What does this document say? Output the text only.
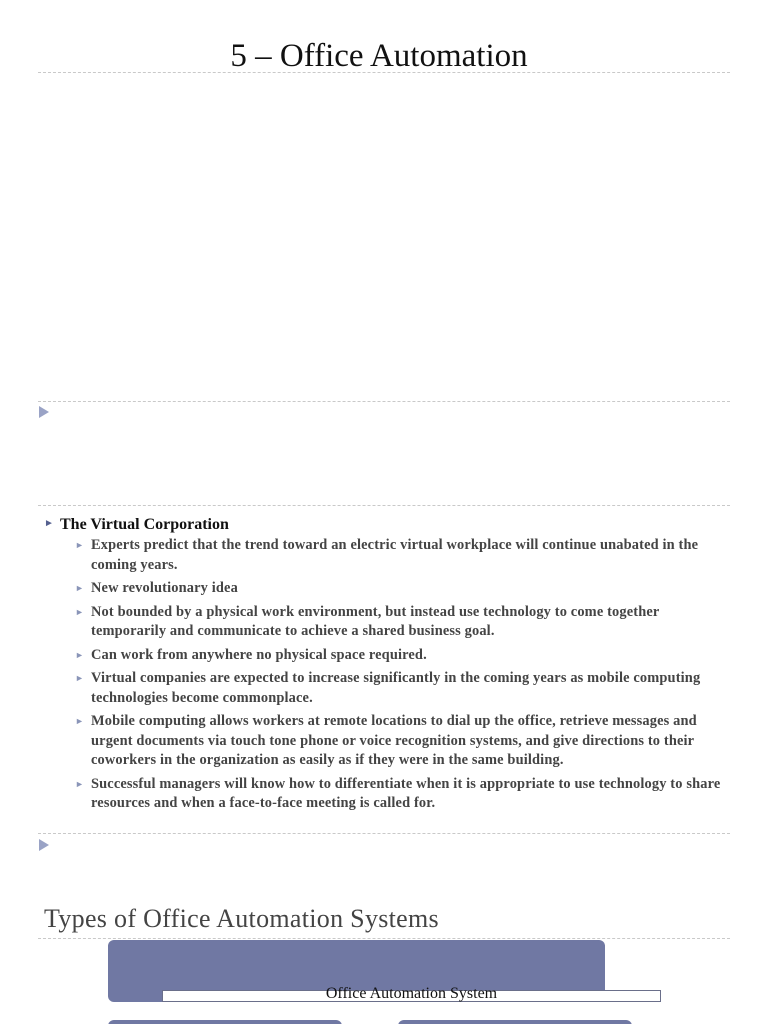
5 – Office Automation
► The Virtual Corporation
► Experts predict that the trend toward an electric virtual workplace will continue unabated in the coming years.
► New revolutionary idea
► Not bounded by a physical work environment, but instead use technology to come together temporarily and communicate to achieve a shared business goal.
► Can work from anywhere no physical space required.
► Virtual companies are expected to increase significantly in the coming years as mobile computing technologies become commonplace.
► Mobile computing allows workers at remote locations to dial up the office, retrieve messages and urgent documents via touch tone phone or voice recognition systems, and give directions to their coworkers in the organization as easily as if they were in the same building.
► Successful managers will know how to differentiate when it is appropriate to use technology to share resources and when a face-to-face meeting is called for.
Types of Office Automation Systems
Office Automation System
